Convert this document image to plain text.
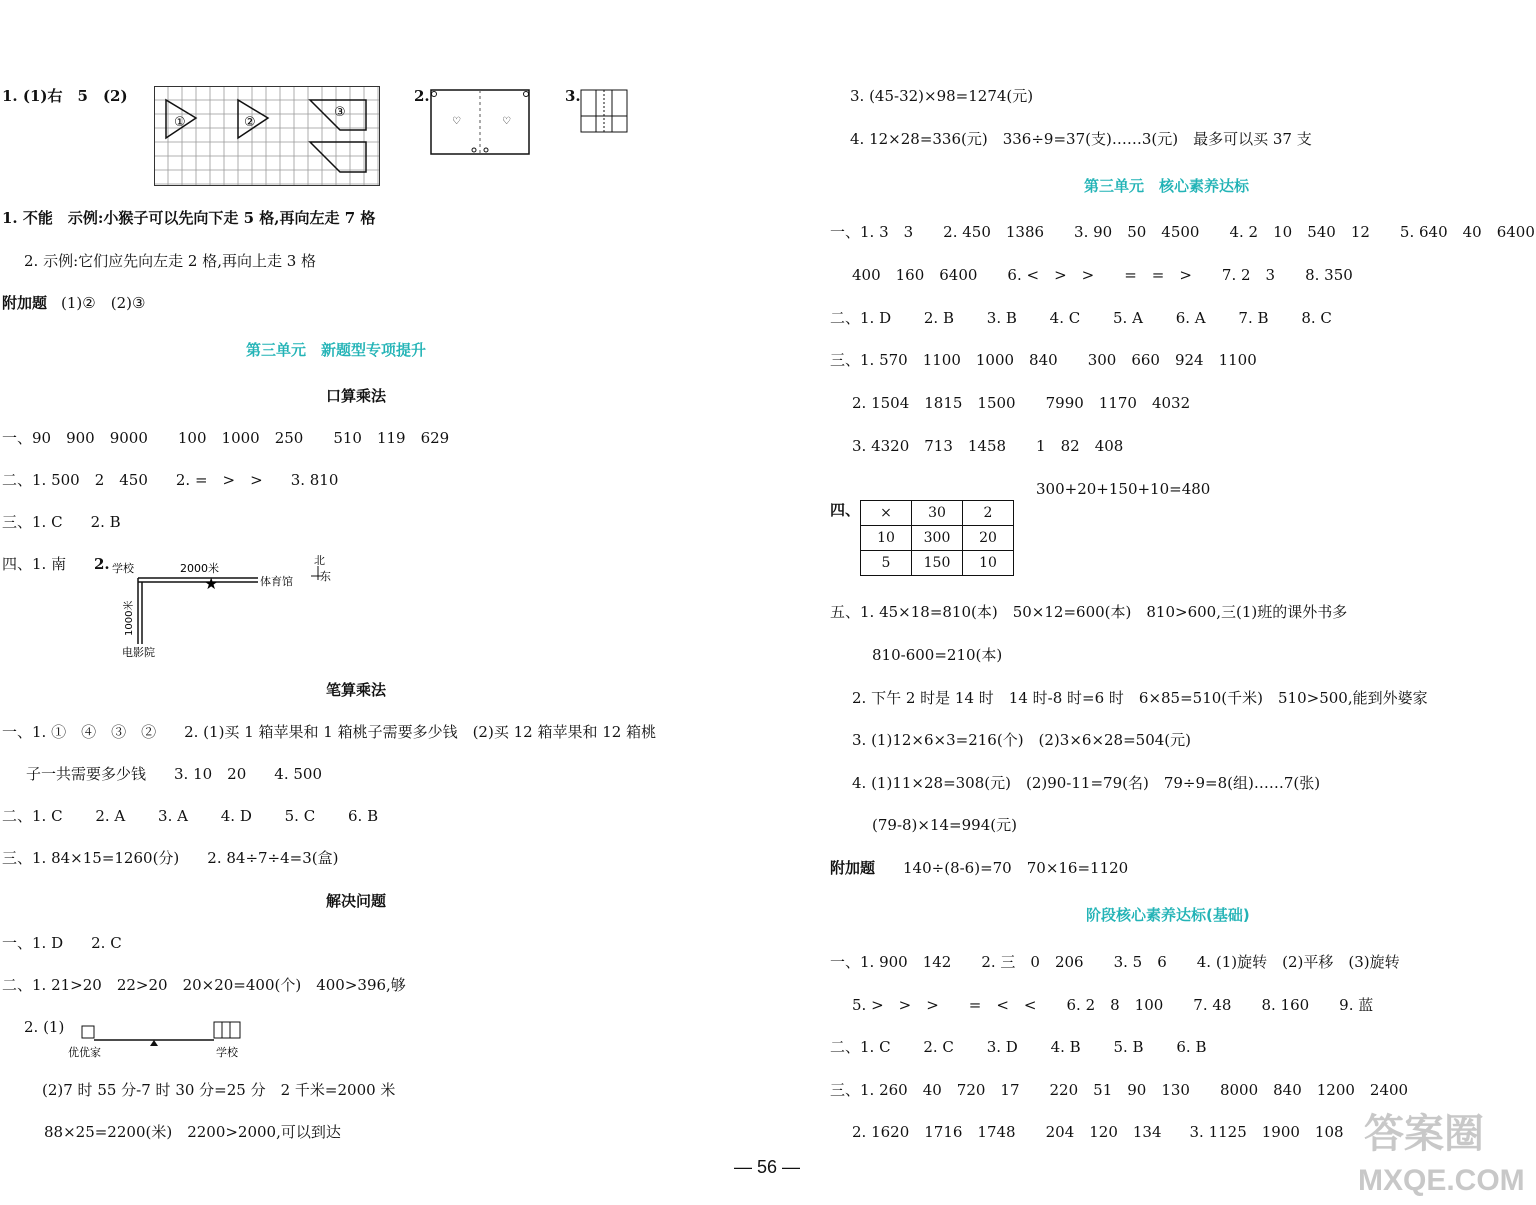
1. (1)右　5　(2)
①	②
③
2.
♡	♡
3.
1. 不能　示例:小猴子可以先向下走 5 格,再向左走 7 格
2. 示例:它们应先向左走 2 格,再向上走 3 格
附加题 (1)②　(2)③
第三单元　新题型专项提升
口算乘法
一、90　900　9000　　100　1000　250　　510　119　629
二、1. 500　2　450 2. =　>　> 3. 810
三、1. C 2. B
四、1. 南 2.
★
学校	2000米
体育馆
1000米
电影院
北
东
笔算乘法
一、1. ①　④　③　② 2. (1)买 1 箱苹果和 1 箱桃子需要多少钱　(2)买 12 箱苹果和 12 箱桃
子一共需要多少钱 3. 10　20 4. 500
二、1. C 2. A 3. A 4. D 5. C 6. B
三、1. 84×15=1260(分) 2. 84÷7÷4=3(盒)
解决问题
一、1. D 2. C
二、1. 21>20　22>20　20×20=400(个)　400>396,够
2. (1)
优优家	学校
(2)7 时 55 分-7 时 30 分=25 分　2 千米=2000 米
88×25=2200(米)　2200>2000,可以到达
3. (45-32)×98=1274(元)
4. 12×28=336(元)　336÷9=37(支)……3(元)　最多可以买 37 支
第三单元　核心素养达标
一、1. 3　3　　2. 450　1386　　3. 90　50　4500　　4. 2　10　540　12　　5. 640　40　6400
400　160　6400　　6. <　>　>　　=　=　>　　7. 2　3　　8. 350
二、1. D 2. B 3. B 4. C 5. A 6. A 7. B 8. C
三、1. 570　1100　1000　840　　300　660　924　1100
2. 1504　1815　1500　　7990　1170　4032
3. 4320　713　1458　　1　82　408
300+20+150+10=480
四、 ×	30	2
10	300	20
5	150	10
五、1. 45×18=810(本)　50×12=600(本)　810>600,三(1)班的课外书多
810-600=210(本)
2. 下午 2 时是 14 时　14 时-8 时=6 时　6×85=510(千米)　510>500,能到外婆家
3. (1)12×6×3=216(个)　(2)3×6×28=504(元)
4. (1)11×28=308(元)　(2)90-11=79(名)　79÷9=8(组)……7(张)
(79-8)×14=994(元)
附加题 140÷(8-6)=70　70×16=1120
阶段核心素养达标(基础)
一、1. 900　142　　2. 三　0　206　　3. 5　6　　4. (1)旋转　(2)平移　(3)旋转
5. >　>　>　　=　<　<　　6. 2　8　100　　7. 48　　8. 160　　9. 蓝
二、1. C 2. C 3. D 4. B 5. B 6. B
三、1. 260　40　720　17　　220　51　90　130　　8000　840　1200　2400
2. 1620　1716　1748　　204　120　134 3. 1125　1900　108
— 56 —
答案圈
MXQE.COM
